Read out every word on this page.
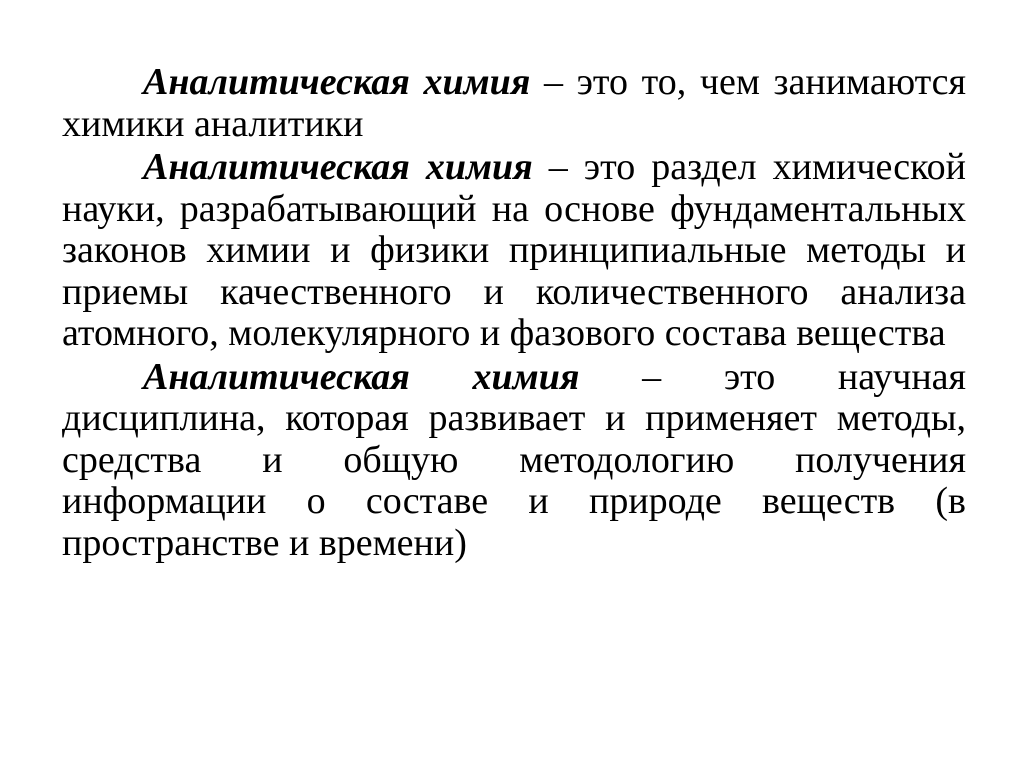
Аналитическая химия – это то, чем занимаются химики аналитики

Аналитическая химия – это раздел химической науки, разрабатывающий на основе фундаментальных законов химии и физики принципиальные методы и приемы качественного и количественного анализа атомного, молекулярного и фазового состава вещества

Аналитическая химия – это научная дисциплина, которая развивает и применяет методы, средства и общую методологию получения информации о составе и природе веществ (в пространстве и времени)
